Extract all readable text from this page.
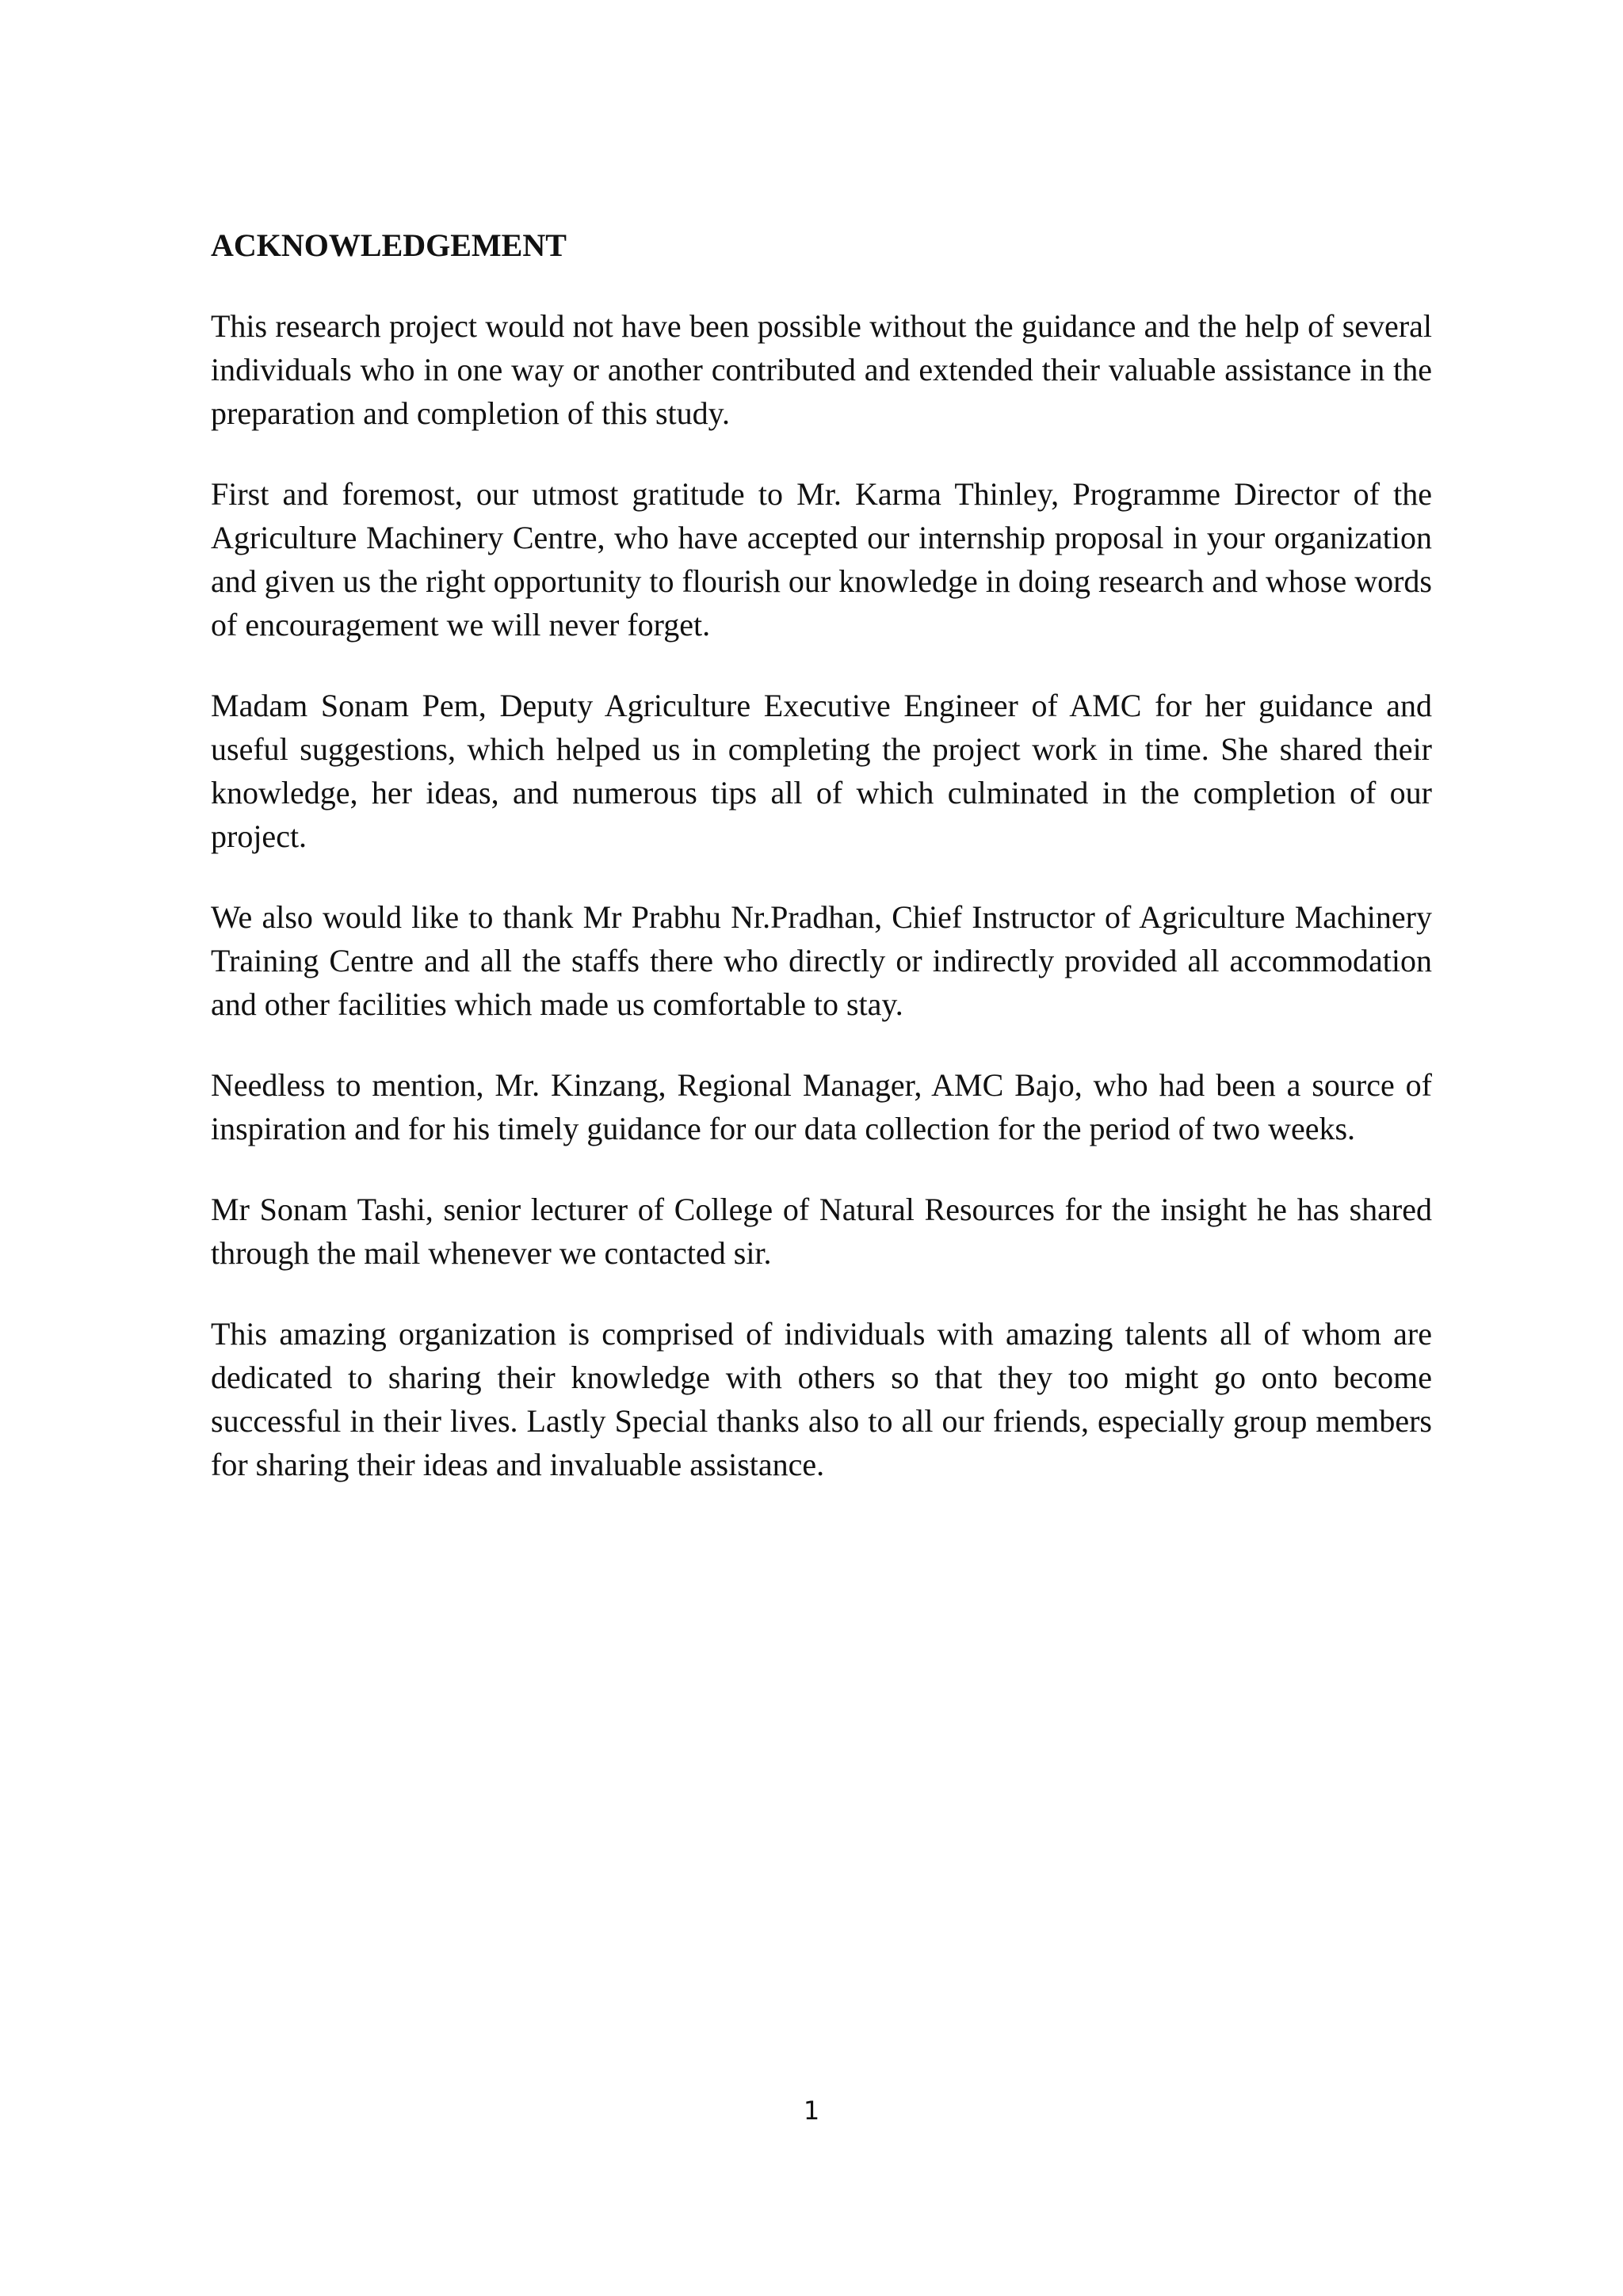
ACKNOWLEDGEMENT

This research project would not have been possible without the guidance and the help of several individuals who in one way or another contributed and extended their valuable assistance in the preparation and completion of this study.

First and foremost, our utmost gratitude to Mr. Karma Thinley, Programme Director of the Agriculture Machinery Centre, who have accepted our internship proposal in your organization and given us the right opportunity to flourish our knowledge in doing research and whose words of encouragement we will never forget.

Madam Sonam Pem, Deputy Agriculture Executive Engineer of AMC for her guidance and useful suggestions, which helped us in completing the project work in time. She shared their knowledge, her ideas, and numerous tips all of which culminated in the completion of our project.

We also would like to thank Mr Prabhu Nr.Pradhan, Chief Instructor of Agriculture Machinery Training Centre and all the staffs there who directly or indirectly provided all accommodation and other facilities which made us comfortable to stay.

Needless to mention, Mr. Kinzang, Regional Manager, AMC Bajo, who had been a source of inspiration and for his timely guidance for our data collection for the period of two weeks.

Mr Sonam Tashi, senior lecturer of College of Natural Resources for the insight he has shared through the mail whenever we contacted sir.

This amazing organization is comprised of individuals with amazing talents all of whom are dedicated to sharing their knowledge with others so that they too might go onto become successful in their lives. Lastly Special thanks also to all our friends, especially group members for sharing their ideas and invaluable assistance.

1
